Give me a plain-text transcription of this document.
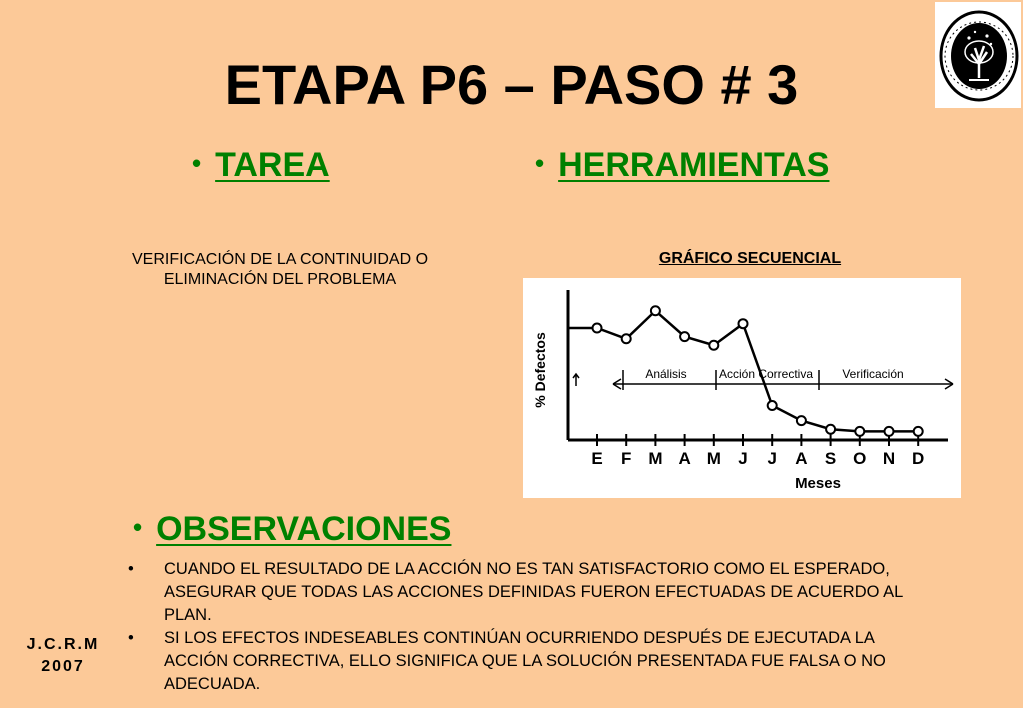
ETAPA P6 – PASO # 3
• TAREA	• HERRAMIENTAS
VERIFICACIÓN DE LA CONTINUIDAD O ELIMINACIÓN DEL PROBLEMA
GRÁFICO SECUENCIAL
% Defectos
Meses
Análisis	Acción Correctiva Verificación
E F M A M J J A S O N D
• OBSERVACIONES
• CUANDO EL RESULTADO DE LA ACCIÓN NO ES TAN SATISFACTORIO COMO EL ESPERADO, ASEGURAR QUE TODAS LAS ACCIONES DEFINIDAS FUERON EFECTUADAS DE ACUERDO AL PLAN.
• SI LOS EFECTOS INDESEABLES CONTINÚAN OCURRIENDO DESPUÉS DE EJECUTADA LA ACCIÓN CORRECTIVA, ELLO SIGNIFICA QUE LA SOLUCIÓN PRESENTADA FUE FALSA O NO ADECUADA.
J.C.R.M
2007
